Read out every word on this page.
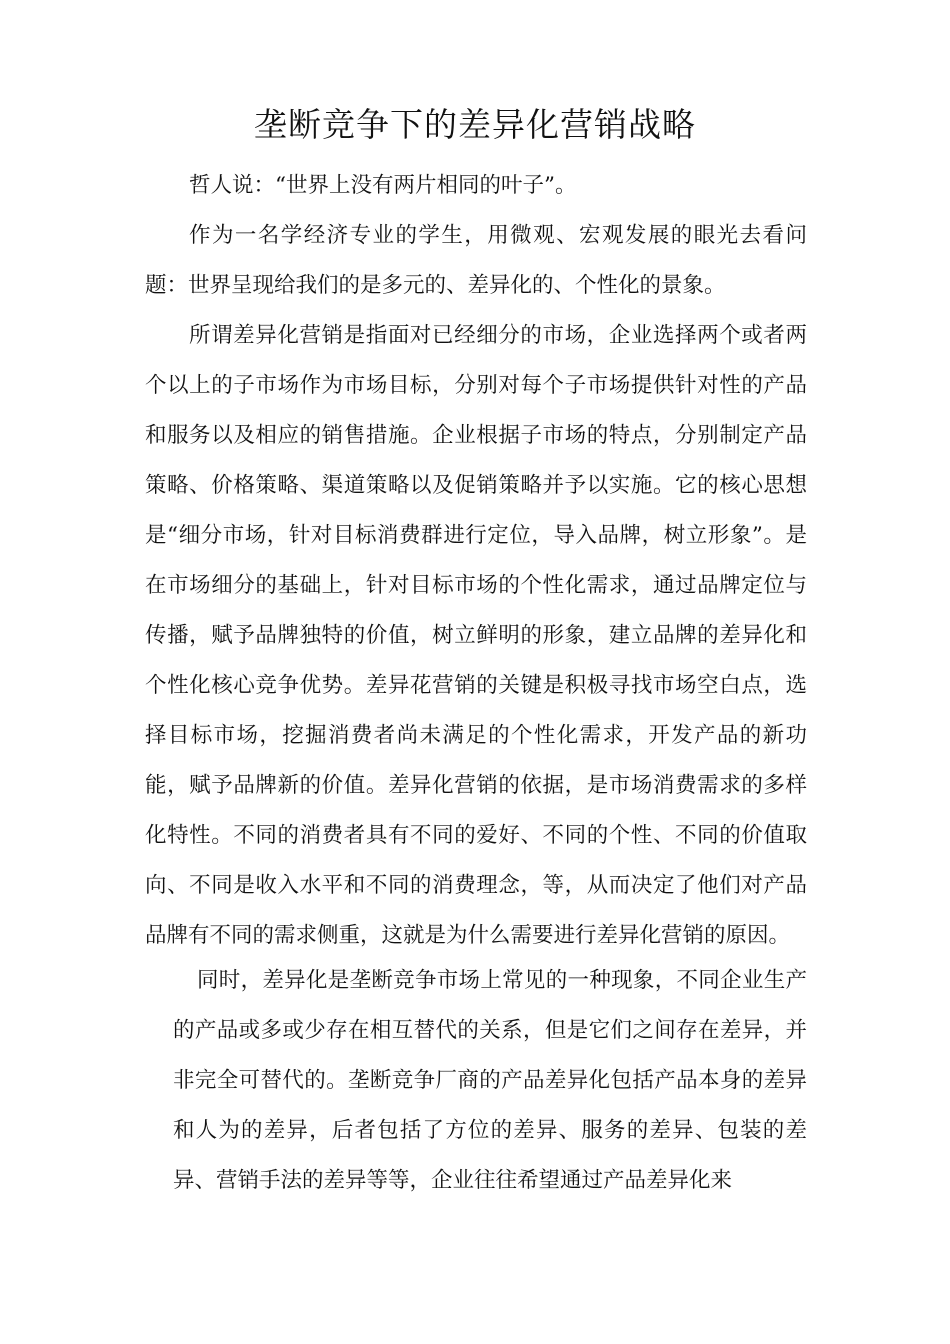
垄断竞争下的差异化营销战略

哲人说：“世界上没有两片相同的叶子”。

作为一名学经济专业的学生，用微观、宏观发展的眼光去看问题：世界呈现给我们的是多元的、差异化的、个性化的景象。

所谓差异化营销是指面对已经细分的市场，企业选择两个或者两个以上的子市场作为市场目标，分别对每个子市场提供针对性的产品和服务以及相应的销售措施。企业根据子市场的特点，分别制定产品策略、价格策略、渠道策略以及促销策略并予以实施。它的核心思想是“细分市场，针对目标消费群进行定位，导入品牌，树立形象”。是在市场细分的基础上，针对目标市场的个性化需求，通过品牌定位与传播，赋予品牌独特的价值，树立鲜明的形象，建立品牌的差异化和个性化核心竞争优势。差异花营销的关键是积极寻找市场空白点，选择目标市场，挖掘消费者尚未满足的个性化需求，开发产品的新功能，赋予品牌新的价值。差异化营销的依据，是市场消费需求的多样化特性。不同的消费者具有不同的爱好、不同的个性、不同的价值取向、不同是收入水平和不同的消费理念，等，从而决定了他们对产品品牌有不同的需求侧重，这就是为什么需要进行差异化营销的原因。

同时，差异化是垄断竞争市场上常见的一种现象，不同企业生产的产品或多或少存在相互替代的关系，但是它们之间存在差异，并非完全可替代的。垄断竞争厂商的产品差异化包括产品本身的差异和人为的差异，后者包括了方位的差异、服务的差异、包装的差异、营销手法的差异等等，企业往往希望通过产品差异化来
